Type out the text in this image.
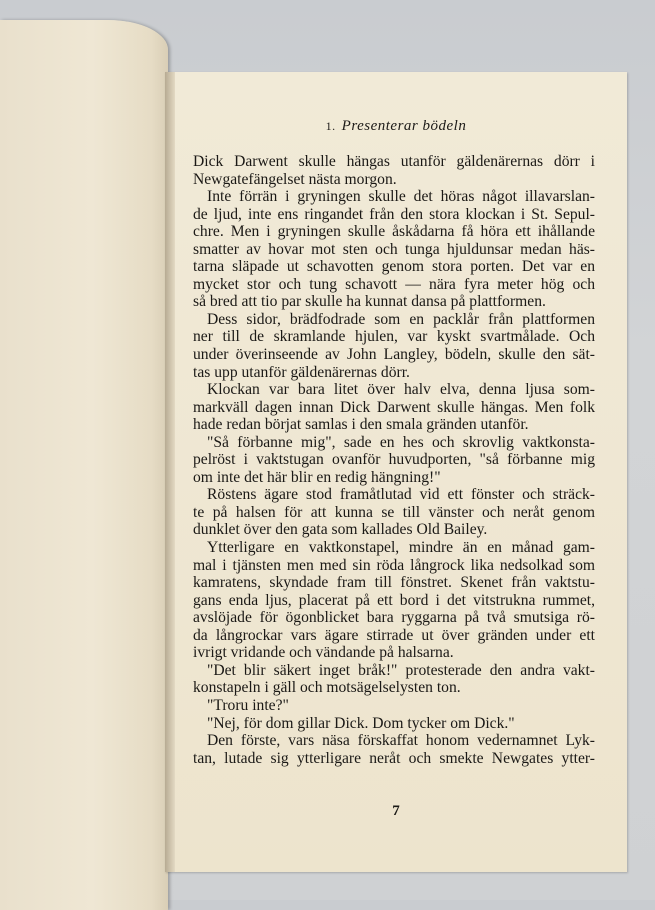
1. Presenterar bödeln
Dick Darwent skulle hängas utanför gäldenärernas dörr i
Newgatefängelset nästa morgon.
Inte förrän i gryningen skulle det höras något illavarslan-
de ljud, inte ens ringandet från den stora klockan i St. Sepul-
chre. Men i gryningen skulle åskådarna få höra ett ihållande
smatter av hovar mot sten och tunga hjuldunsar medan häs-
tarna släpade ut schavotten genom stora porten. Det var en
mycket stor och tung schavott — nära fyra meter hög och
så bred att tio par skulle ha kunnat dansa på plattformen.
Dess sidor, brädfodrade som en packlår från plattformen
ner till de skramlande hjulen, var kyskt svartmålade. Och
under överinseende av John Langley, bödeln, skulle den sät-
tas upp utanför gäldenärernas dörr.
Klockan var bara litet över halv elva, denna ljusa som-
markväll dagen innan Dick Darwent skulle hängas. Men folk
hade redan börjat samlas i den smala gränden utanför.
"Så förbanne mig", sade en hes och skrovlig vaktkonsta-
pelröst i vaktstugan ovanför huvudporten, "så förbanne mig
om inte det här blir en redig hängning!"
Röstens ägare stod framåtlutad vid ett fönster och sträck-
te på halsen för att kunna se till vänster och neråt genom
dunklet över den gata som kallades Old Bailey.
Ytterligare en vaktkonstapel, mindre än en månad gam-
mal i tjänsten men med sin röda långrock lika nedsolkad som
kamratens, skyndade fram till fönstret. Skenet från vaktstu-
gans enda ljus, placerat på ett bord i det vitstrukna rummet,
avslöjade för ögonblicket bara ryggarna på två smutsiga rö-
da långrockar vars ägare stirrade ut över gränden under ett
ivrigt vridande och vändande på halsarna.
"Det blir säkert inget bråk!" protesterade den andra vakt-
konstapeln i gäll och motsägelselysten ton.
"Troru inte?"
"Nej, för dom gillar Dick. Dom tycker om Dick."
Den förste, vars näsa förskaffat honom vedernamnet Lyk-
tan, lutade sig ytterligare neråt och smekte Newgates ytter-
7
